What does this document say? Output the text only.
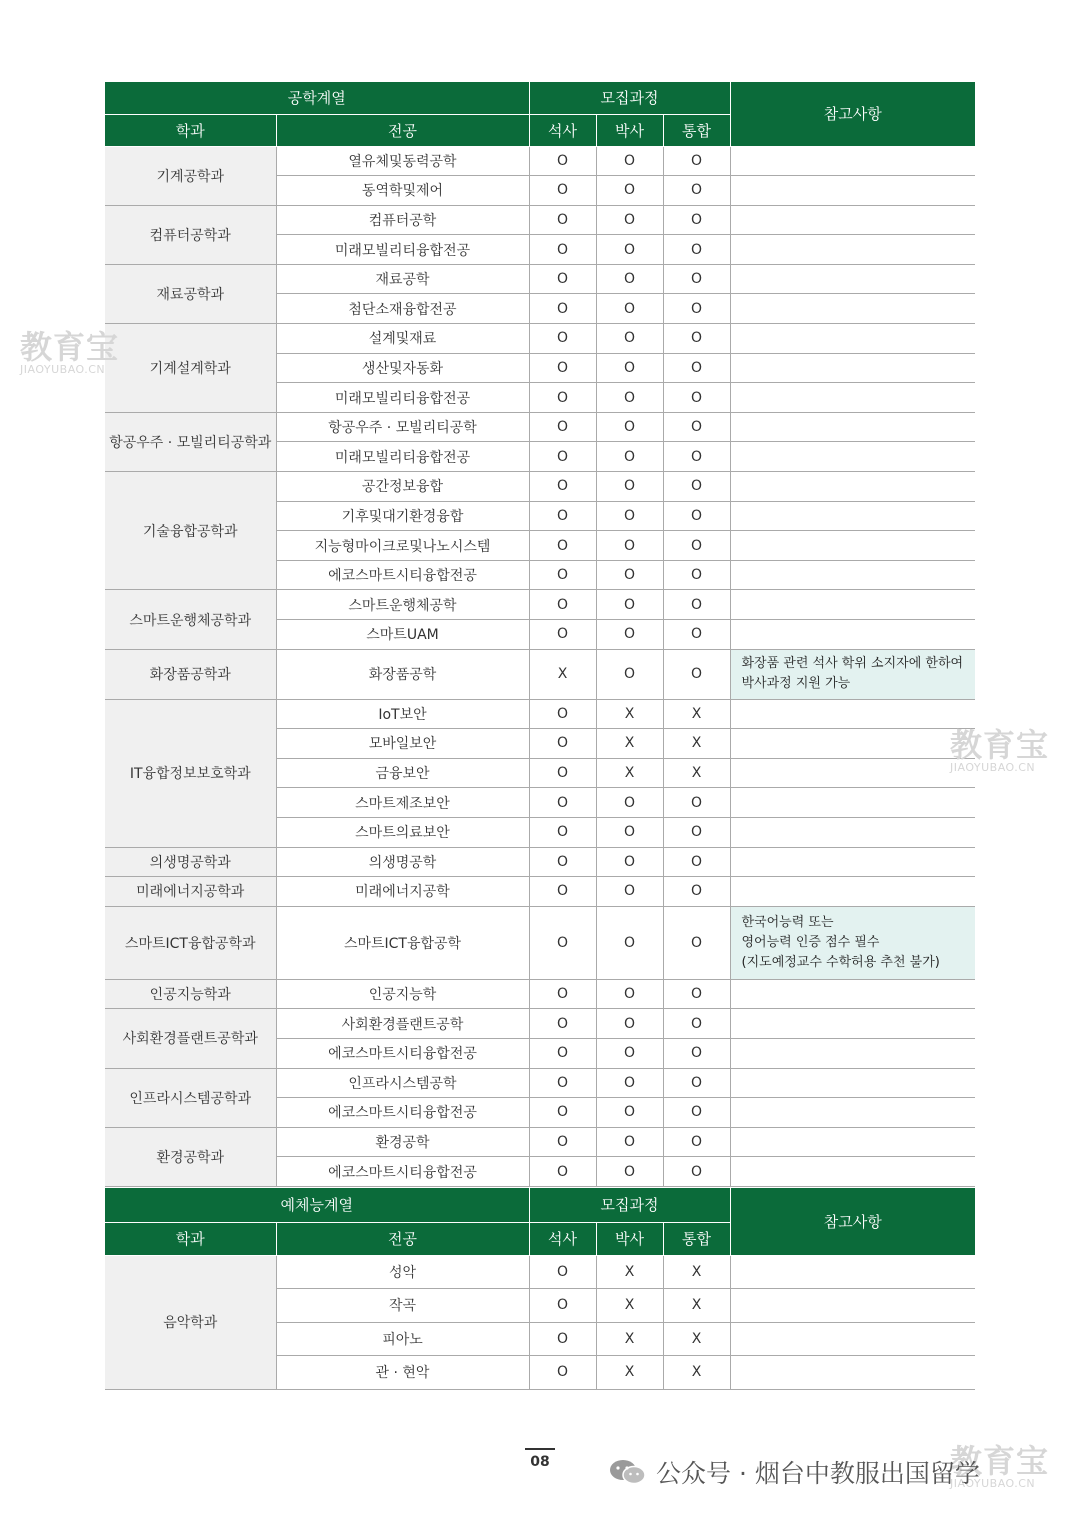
공학계열		모집과정			참고사항
학과	전공	석사	박사	통합	
기계공학과	열유체및동력공학	O	O	O	
	동역학및제어	O	O	O	
컴퓨터공학과	컴퓨터공학	O	O	O	
	미래모빌리티융합전공	O	O	O	
재료공학과	재료공학	O	O	O	
	첨단소재융합전공	O	O	O	
기계설계학과	설계및재료	O	O	O	
	생산및자동화	O	O	O	
	미래모빌리티융합전공	O	O	O	
항공우주 · 모빌리티공학과	항공우주 · 모빌리티공학	O	O	O	
	미래모빌리티융합전공	O	O	O	
기술융합공학과	공간정보융합	O	O	O	
	기후및대기환경융합	O	O	O	
	지능형마이크로및나노시스템	O	O	O	
	에코스마트시티융합전공	O	O	O	
스마트운행체공학과	스마트운행체공학	O	O	O	
	스마트UAM	O	O	O	
화장품공학과	화장품공학	X	O	O	화장품 관련 석사 학위 소지자에 한하여
박사과정 지원 가능

IT융합정보보호학과	IoT보안	O	X	X	
	모바일보안	O	X	X	
	금융보안	O	X	X	
	스마트제조보안	O	O	O	
	스마트의료보안	O	O	O	
의생명공학과	의생명공학	O	O	O	
미래에너지공학과	미래에너지공학	O	O	O	
스마트ICT융합공학과	스마트ICT융합공학	O	O	O	한국어능력 또는
영어능력 인증 점수 필수
(지도예정교수 수학허용 추천 불가)

인공지능학과	인공지능학	O	O	O	
사회환경플랜트공학과	사회환경플랜트공학	O	O	O	
	에코스마트시티융합전공	O	O	O	
인프라시스템공학과	인프라시스템공학	O	O	O	
	에코스마트시티융합전공	O	O	O	
환경공학과	환경공학	O	O	O	
	에코스마트시티융합전공	O	O	O	
예체능계열		모집과정			참고사항
학과	전공	석사	박사	통합	
음악학과	성악	O	X	X	
	작곡	O	X	X	
	피아노	O	X	X	
	관 · 현악	O	X	X	
08
教育宝
JIAOYUBAO.CN
教育宝
JIAOYUBAO.CN
教育宝
JIAOYUBAO.CN
公众号 · 烟台中教服出国留学
